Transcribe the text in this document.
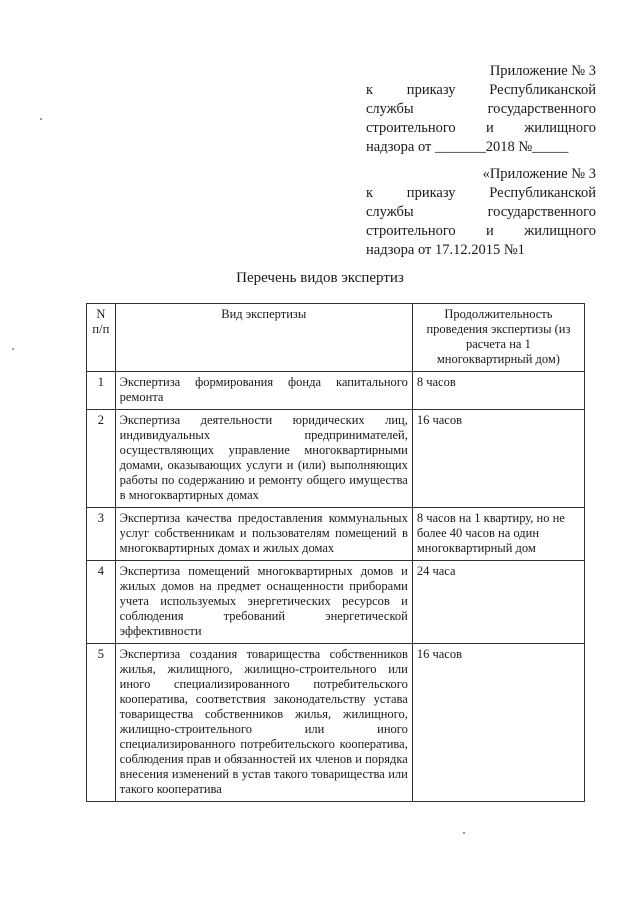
Приложение № 3
к приказу Республиканской
службы государственного
строительного и жилищного
надзора от _______2018 №_____
«Приложение № 3
к приказу Республиканской
службы государственного
строительного и жилищного
надзора от 17.12.2015 №1
Перечень видов экспертиз
N п/п	Вид экспертизы	Продолжительность проведения экспертизы (из расчета на 1 многоквартирный дом)
1	Экспертиза формирования фонда капитального ремонта	8 часов
2	Экспертиза деятельности юридических лиц, индивидуальных предпринимателей, осуществляющих управление многоквартирными домами, оказывающих услуги и (или) выполняющих работы по содержанию и ремонту общего имущества в многоквартирных домах	16 часов
3	Экспертиза качества предоставления коммунальных услуг собственникам и пользователям помещений в многоквартирных домах и жилых домах	8 часов на 1 квартиру, но не более 40 часов на один многоквартирный дом
4	Экспертиза помещений многоквартирных домов и жилых домов на предмет оснащенности приборами учета используемых энергетических ресурсов и соблюдения требований энергетической эффективности	24 часа
5	Экспертиза создания товарищества собственников жилья, жилищного, жилищно-строительного или иного специализированного потребительского кооператива, соответствия законодательству устава товарищества собственников жилья, жилищного, жилищно-строительного или иного специализированного потребительского кооператива, соблюдения прав и обязанностей их членов и порядка внесения изменений в устав такого товарищества или такого кооператива	16 часов
